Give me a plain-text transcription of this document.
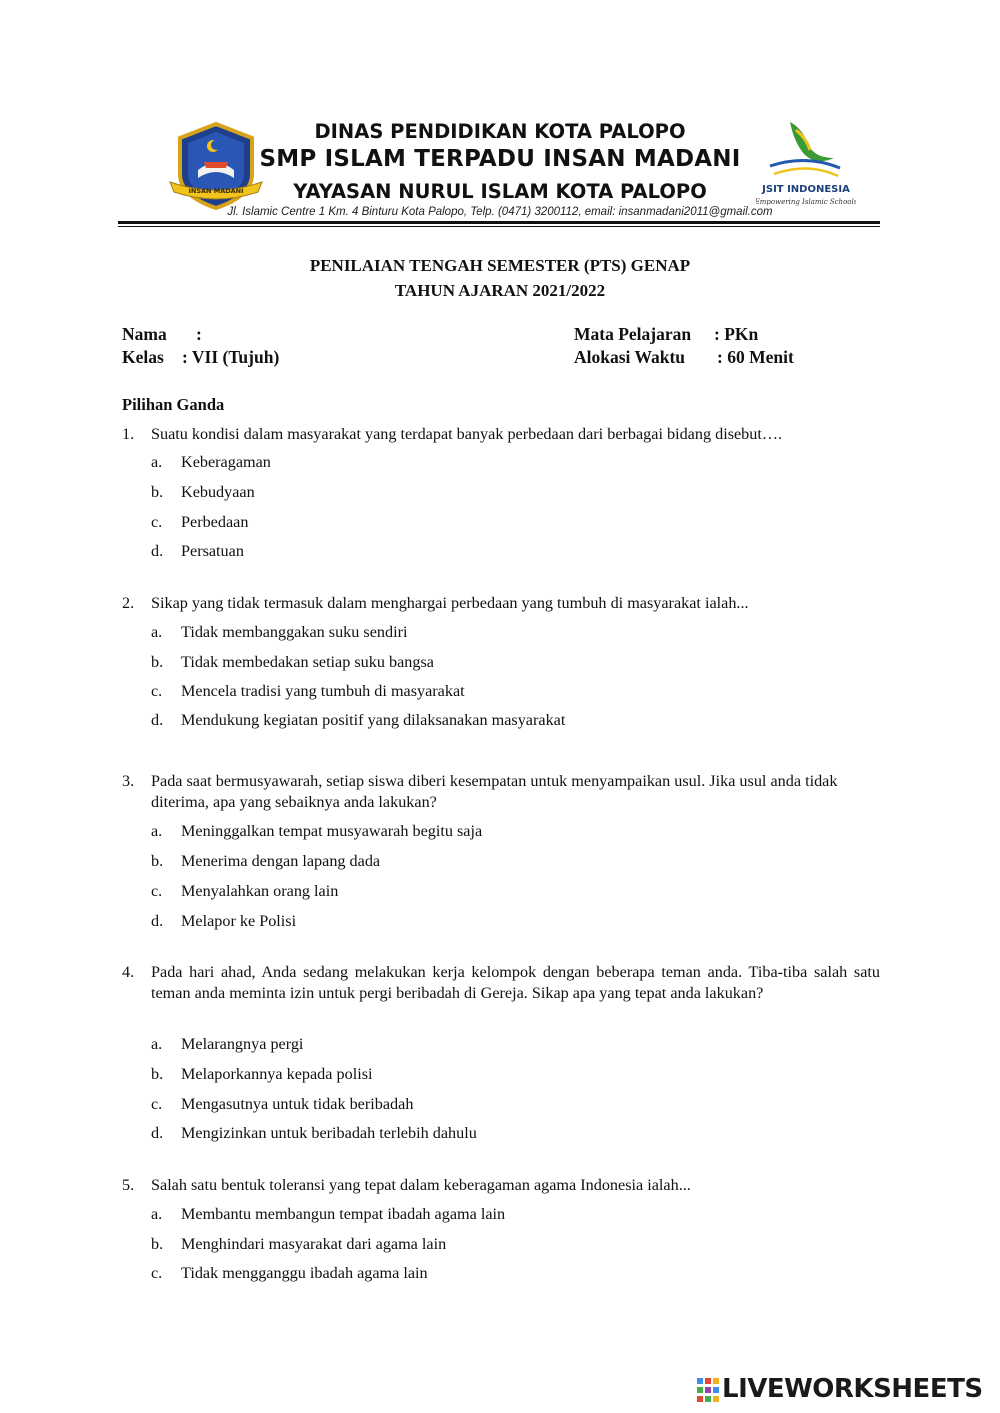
INSAN MADANI
DINAS PENDIDIKAN KOTA PALOPO
SMP ISLAM TERPADU INSAN MADANI
YAYASAN NURUL ISLAM KOTA PALOPO
Jl. Islamic Centre 1 Km. 4 Binturu Kota Palopo, Telp. (0471) 3200112, email: insanmadani2011@gmail.com
JSIT INDONESIA
Empowering Islamic Schools
PENILAIAN TENGAH SEMESTER (PTS) GENAP
TAHUN AJARAN 2021/2022
Nama :
Kelas : VII (Tujuh)
Mata Pelajaran : PKn
Alokasi Waktu : 60 Menit
Pilihan Ganda
1. Suatu kondisi dalam masyarakat yang terdapat banyak perbedaan dari berbagai bidang disebut….
a.	Keberagaman
b.	Kebudyaan
c.	Perbedaan
d.	Persatuan
2. Sikap yang tidak termasuk dalam menghargai perbedaan yang tumbuh di masyarakat ialah...
a.	Tidak membanggakan suku sendiri
b.	Tidak membedakan setiap suku bangsa
c.	Mencela tradisi yang tumbuh di masyarakat
d.	Mendukung kegiatan positif yang dilaksanakan masyarakat
3. Pada saat bermusyawarah, setiap siswa diberi kesempatan untuk menyampaikan usul. Jika usul anda tidak diterima, apa yang sebaiknya anda lakukan?
a.	Meninggalkan tempat musyawarah begitu saja
b.	Menerima dengan lapang dada
c.	Menyalahkan orang lain
d.	Melapor ke Polisi
4. Pada hari ahad, Anda sedang melakukan kerja kelompok dengan beberapa teman anda. Tiba-tiba salah satu teman anda meminta izin untuk pergi beribadah di Gereja. Sikap apa yang tepat anda lakukan?
a.	Melarangnya pergi
b.	Melaporkannya kepada polisi
c.	Mengasutnya untuk tidak beribadah
d.	Mengizinkan untuk beribadah terlebih dahulu
5. Salah satu bentuk toleransi yang tepat dalam keberagaman agama Indonesia ialah...
a.	Membantu membangun tempat ibadah agama lain
b.	Menghindari masyarakat dari agama lain
c.	Tidak mengganggu ibadah agama lain
LIVEWORKSHEETS
